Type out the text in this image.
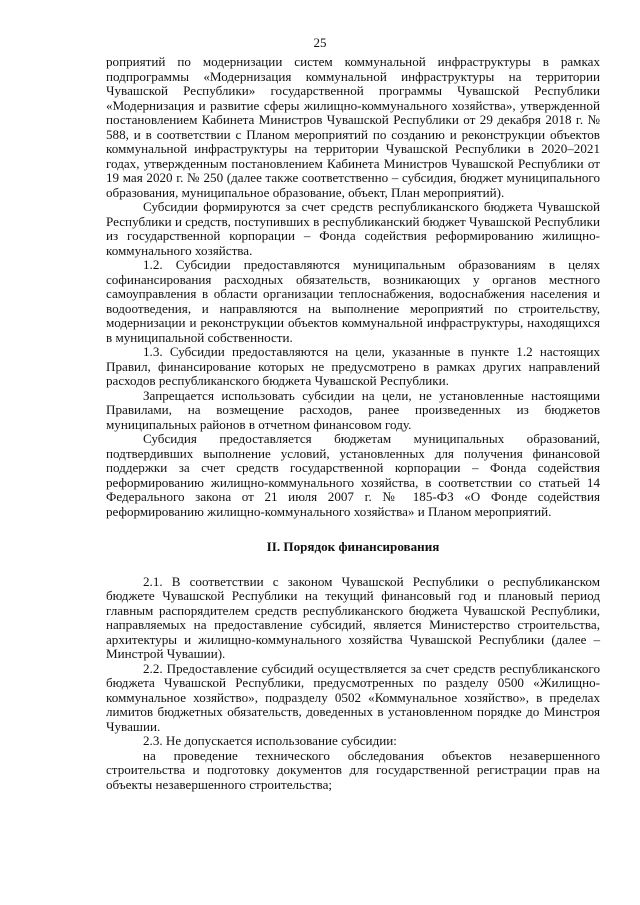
25

роприятий по модернизации систем коммунальной инфраструктуры в рамках подпрограммы «Модернизация коммунальной инфраструктуры на территории Чувашской Республики» государственной программы Чувашской Республики «Модернизация и развитие сферы жилищно-коммунального хозяйства», утвержденной постановлением Кабинета Министров Чувашской Республики от 29 декабря 2018 г. № 588, и в соответствии с Планом мероприятий по созданию и реконструкции объектов коммунальной инфраструктуры на территории Чувашской Республики в 2020–2021 годах, утвержденным постановлением Кабинета Министров Чувашской Республики от 19 мая 2020 г. № 250 (далее также соответственно – субсидия, бюджет муниципального образования, муниципальное образование, объект, План мероприятий).

Субсидии формируются за счет средств республиканского бюджета Чувашской Республики и средств, поступивших в республиканский бюджет Чувашской Республики из государственной корпорации – Фонда содействия реформированию жилищно-коммунального хозяйства.

1.2. Субсидии предоставляются муниципальным образованиям в целях софинансирования расходных обязательств, возникающих у органов местного самоуправления в области организации теплоснабжения, водоснабжения населения и водоотведения, и направляются на выполнение мероприятий по строительству, модернизации и реконструкции объектов коммунальной инфраструктуры, находящихся в муниципальной собственности.

1.3. Субсидии предоставляются на цели, указанные в пункте 1.2 настоящих Правил, финансирование которых не предусмотрено в рамках других направлений расходов республиканского бюджета Чувашской Республики.

Запрещается использовать субсидии на цели, не установленные настоящими Правилами, на возмещение расходов, ранее произведенных из бюджетов муниципальных районов в отчетном финансовом году.

Субсидия предоставляется бюджетам муниципальных образований, подтвердивших выполнение условий, установленных для получения финансовой поддержки за счет средств государственной корпорации – Фонда содействия реформированию жилищно-коммунального хозяйства, в соответствии со статьей 14 Федерального закона от 21 июля 2007 г. № 185-ФЗ «О Фонде содействия реформированию жилищно-коммунального хозяйства» и Планом мероприятий.

II. Порядок финансирования

2.1. В соответствии с законом Чувашской Республики о республиканском бюджете Чувашской Республики на текущий финансовый год и плановый период главным распорядителем средств республиканского бюджета Чувашской Республики, направляемых на предоставление субсидий, является Министерство строительства, архитектуры и жилищно-коммунального хозяйства Чувашской Республики (далее – Минстрой Чувашии).

2.2. Предоставление субсидий осуществляется за счет средств республиканского бюджета Чувашской Республики, предусмотренных по разделу 0500 «Жилищно-коммунальное хозяйство», подразделу 0502 «Коммунальное хозяйство», в пределах лимитов бюджетных обязательств, доведенных в установленном порядке до Минстроя Чувашии.

2.3. Не допускается использование субсидии:

на проведение технического обследования объектов незавершенного строительства и подготовку документов для государственной регистрации прав на объекты незавершенного строительства;
